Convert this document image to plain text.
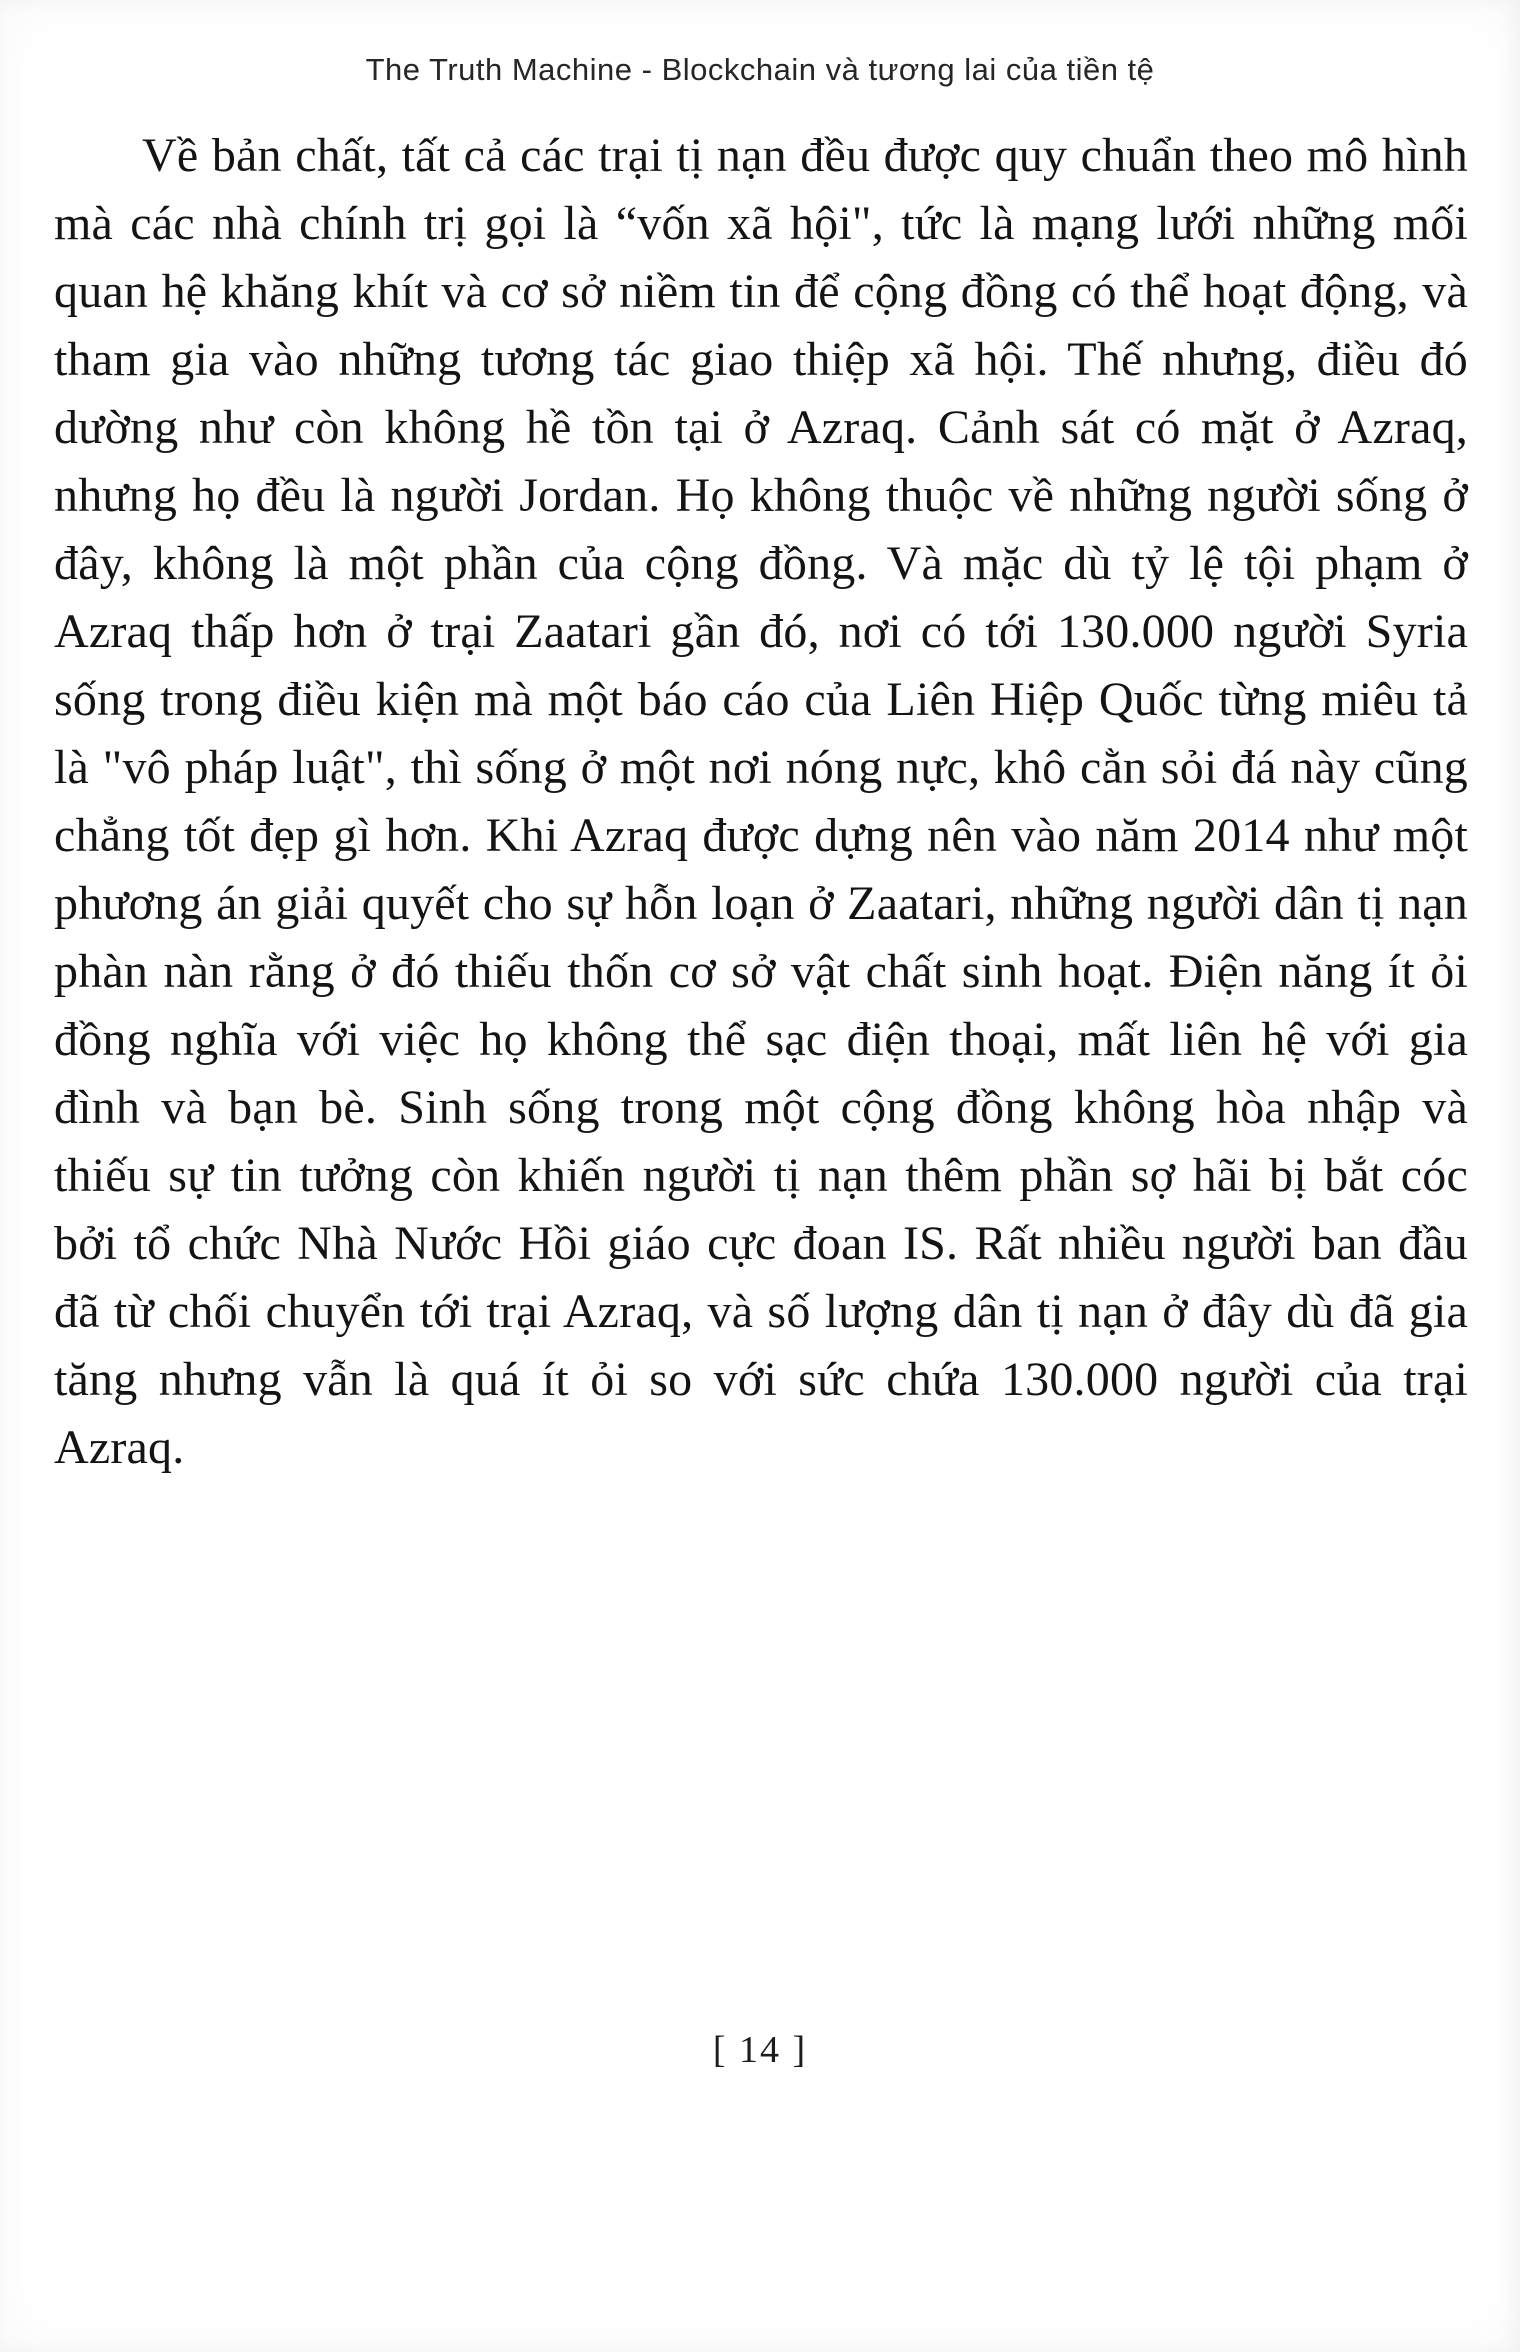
The Truth Machine - Blockchain và tương lai của tiền tệ

Về bản chất, tất cả các trại tị nạn đều được quy chuẩn theo mô hình mà các nhà chính trị gọi là “vốn xã hội", tức là mạng lưới những mối quan hệ khăng khít và cơ sở niềm tin để cộng đồng có thể hoạt động, và tham gia vào những tương tác giao thiệp xã hội. Thế nhưng, điều đó dường như còn không hề tồn tại ở Azraq. Cảnh sát có mặt ở Azraq, nhưng họ đều là người Jordan. Họ không thuộc về những người sống ở đây, không là một phần của cộng đồng. Và mặc dù tỷ lệ tội phạm ở Azraq thấp hơn ở trại Zaatari gần đó, nơi có tới 130.000 người Syria sống trong điều kiện mà một báo cáo của Liên Hiệp Quốc từng miêu tả là "vô pháp luật", thì sống ở một nơi nóng nực, khô cằn sỏi đá này cũng chẳng tốt đẹp gì hơn. Khi Azraq được dựng nên vào năm 2014 như một phương án giải quyết cho sự hỗn loạn ở Zaatari, những người dân tị nạn phàn nàn rằng ở đó thiếu thốn cơ sở vật chất sinh hoạt. Điện năng ít ỏi đồng nghĩa với việc họ không thể sạc điện thoại, mất liên hệ với gia đình và bạn bè. Sinh sống trong một cộng đồng không hòa nhập và thiếu sự tin tưởng còn khiến người tị nạn thêm phần sợ hãi bị bắt cóc bởi tổ chức Nhà Nước Hồi giáo cực đoan IS. Rất nhiều người ban đầu đã từ chối chuyển tới trại Azraq, và số lượng dân tị nạn ở đây dù đã gia tăng nhưng vẫn là quá ít ỏi so với sức chứa 130.000 người của trại Azraq.

[ 14 ]
